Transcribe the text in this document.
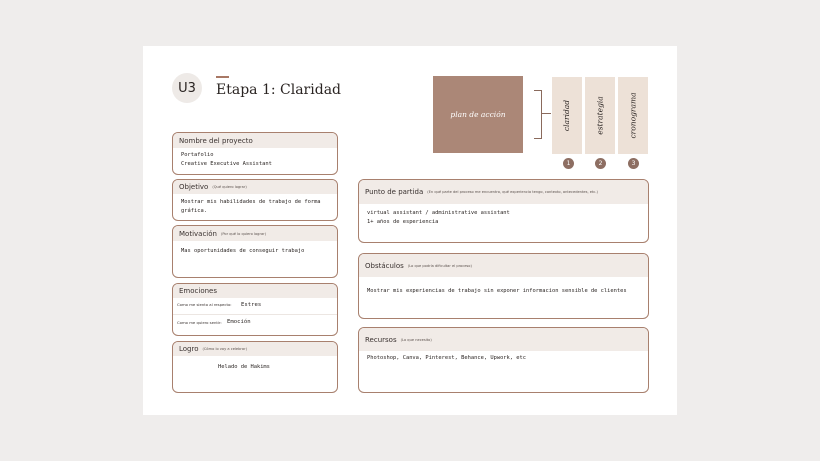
U3	Etapa 1: Claridad
plan de acción	claridad	estrategia	cronograma
1	2	3
Nombre del proyecto
Portafolio
Creative Executive Assistant
Objetivo (Qué quiero lograr)
Mostrar mis habilidades de trabajo de forma gráfica.
Motivación (Por qué lo quiero lograr)
Mas oportunidades de conseguir trabajo
Emociones
Como me siento al respecto: Estres
Como me quiero sentir: Emoción
Logro (Cómo lo voy a celebrar)
Helado de Hakims
Punto de partida (En qué parte del proceso me encuentro, qué experiencia tengo, contexto, antecedentes, etc.)
virtual assistant / administrative assistant
1+ años de esperiencia
Obstáculos (Lo que podría dificultar el proceso)
Mostrar mis experiencias de trabajo sin exponer informacion sensible de clientes
Recursos (Lo que necesito)
Photoshop, Canva, Pinterest, Behance, Upwork, etc
